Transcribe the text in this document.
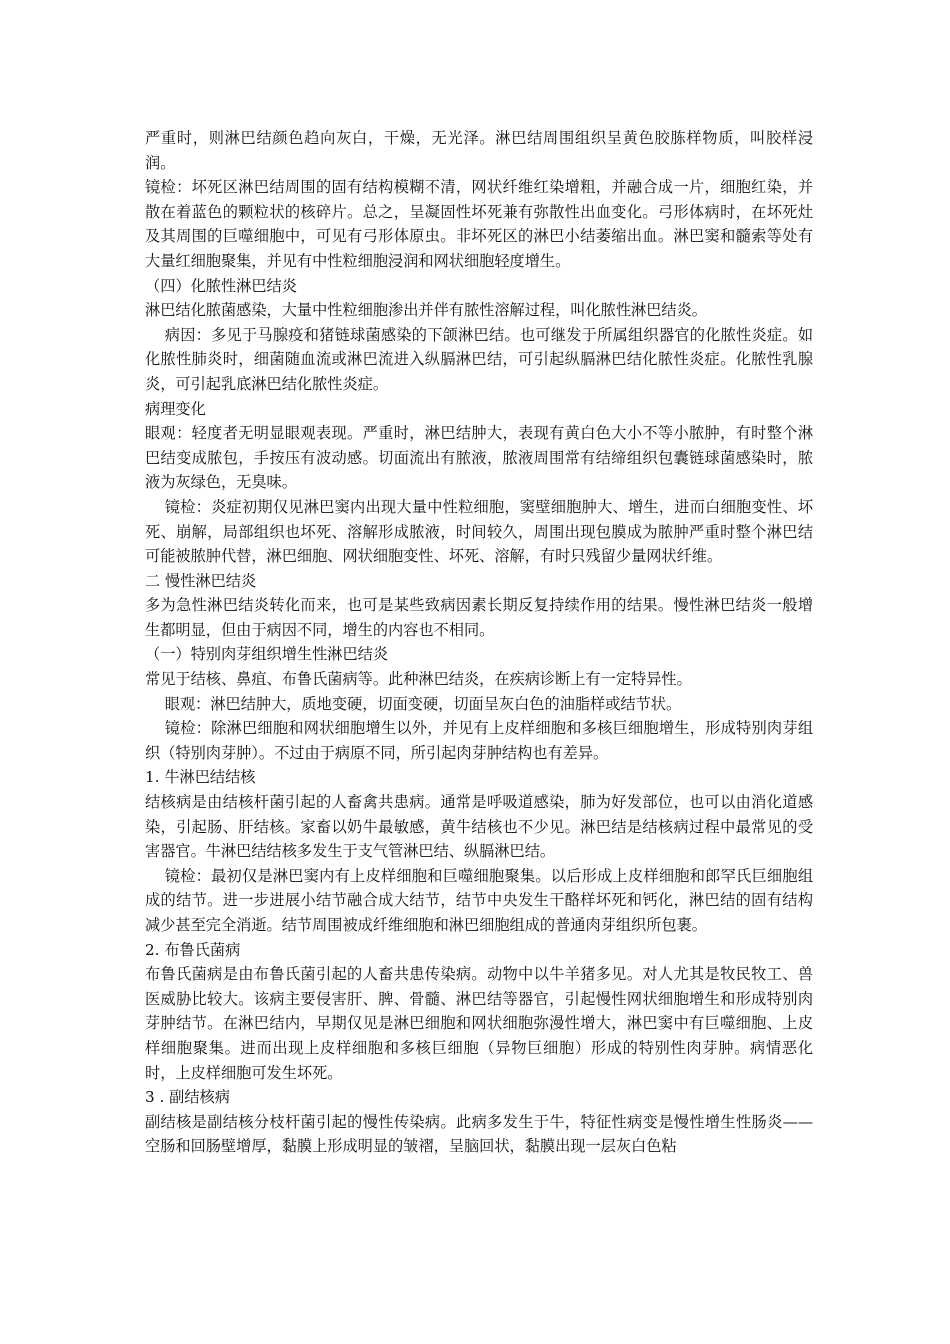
严重时，则淋巴结颜色趋向灰白，干燥，无光泽。淋巴结周围组织呈黄色胶胨样物质，叫胶样浸润。

镜检：坏死区淋巴结周围的固有结构模糊不清，网状纤维红染增粗，并融合成一片，细胞红染，并散在着蓝色的颗粒状的核碎片。总之，呈凝固性坏死兼有弥散性出血变化。弓形体病时，在坏死灶及其周围的巨噬细胞中，可见有弓形体原虫。非坏死区的淋巴小结萎缩出血。淋巴窦和髓索等处有大量红细胞聚集，并见有中性粒细胞浸润和网状细胞轻度增生。

（四）化脓性淋巴结炎

淋巴结化脓菌感染，大量中性粒细胞渗出并伴有脓性溶解过程，叫化脓性淋巴结炎。

病因：多见于马腺疫和猪链球菌感染的下颌淋巴结。也可继发于所属组织器官的化脓性炎症。如化脓性肺炎时，细菌随血流或淋巴流进入纵膈淋巴结，可引起纵膈淋巴结化脓性炎症。化脓性乳腺炎，可引起乳底淋巴结化脓性炎症。

病理变化

眼观：轻度者无明显眼观表现。严重时，淋巴结肿大，表现有黄白色大小不等小脓肿，有时整个淋巴结变成脓包，手按压有波动感。切面流出有脓液，脓液周围常有结缔组织包囊链球菌感染时，脓液为灰绿色，无臭味。

镜检：炎症初期仅见淋巴窦内出现大量中性粒细胞，窦壁细胞肿大、增生，进而白细胞变性、坏死、崩解，局部组织也坏死、溶解形成脓液，时间较久，周围出现包膜成为脓肿严重时整个淋巴结可能被脓肿代替，淋巴细胞、网状细胞变性、坏死、溶解，有时只残留少量网状纤维。

二 慢性淋巴结炎

多为急性淋巴结炎转化而来，也可是某些致病因素长期反复持续作用的结果。慢性淋巴结炎一般增生都明显，但由于病因不同，增生的内容也不相同。

（一）特别肉芽组织增生性淋巴结炎

常见于结核、鼻疽、布鲁氏菌病等。此种淋巴结炎，在疾病诊断上有一定特异性。

眼观：淋巴结肿大，质地变硬，切面变硬，切面呈灰白色的油脂样或结节状。

镜检：除淋巴细胞和网状细胞增生以外，并见有上皮样细胞和多核巨细胞增生，形成特别肉芽组织（特别肉芽肿）。不过由于病原不同，所引起肉芽肿结构也有差异。

1. 牛淋巴结结核

结核病是由结核杆菌引起的人畜禽共患病。通常是呼吸道感染，肺为好发部位，也可以由消化道感染，引起肠、肝结核。家畜以奶牛最敏感，黄牛结核也不少见。淋巴结是结核病过程中最常见的受害器官。牛淋巴结结核多发生于支气管淋巴结、纵膈淋巴结。

镜检：最初仅是淋巴窦内有上皮样细胞和巨噬细胞聚集。以后形成上皮样细胞和郎罕氏巨细胞组成的结节。进一步进展小结节融合成大结节，结节中央发生干酪样坏死和钙化，淋巴结的固有结构减少甚至完全消逝。结节周围被成纤维细胞和淋巴细胞组成的普通肉芽组织所包裹。

2. 布鲁氏菌病

布鲁氏菌病是由布鲁氏菌引起的人畜共患传染病。动物中以牛羊猪多见。对人尤其是牧民牧工、兽医威胁比较大。该病主要侵害肝、脾、骨髓、淋巴结等器官，引起慢性网状细胞增生和形成特别肉芽肿结节。在淋巴结内，早期仅见是淋巴细胞和网状细胞弥漫性增大，淋巴窦中有巨噬细胞、上皮样细胞聚集。进而出现上皮样细胞和多核巨细胞（异物巨细胞）形成的特别性肉芽肿。病情恶化时，上皮样细胞可发生坏死。

3 . 副结核病

副结核是副结核分枝杆菌引起的慢性传染病。此病多发生于牛，特征性病变是慢性增生性肠炎——空肠和回肠壁增厚，黏膜上形成明显的皱褶，呈脑回状，黏膜出现一层灰白色粘
